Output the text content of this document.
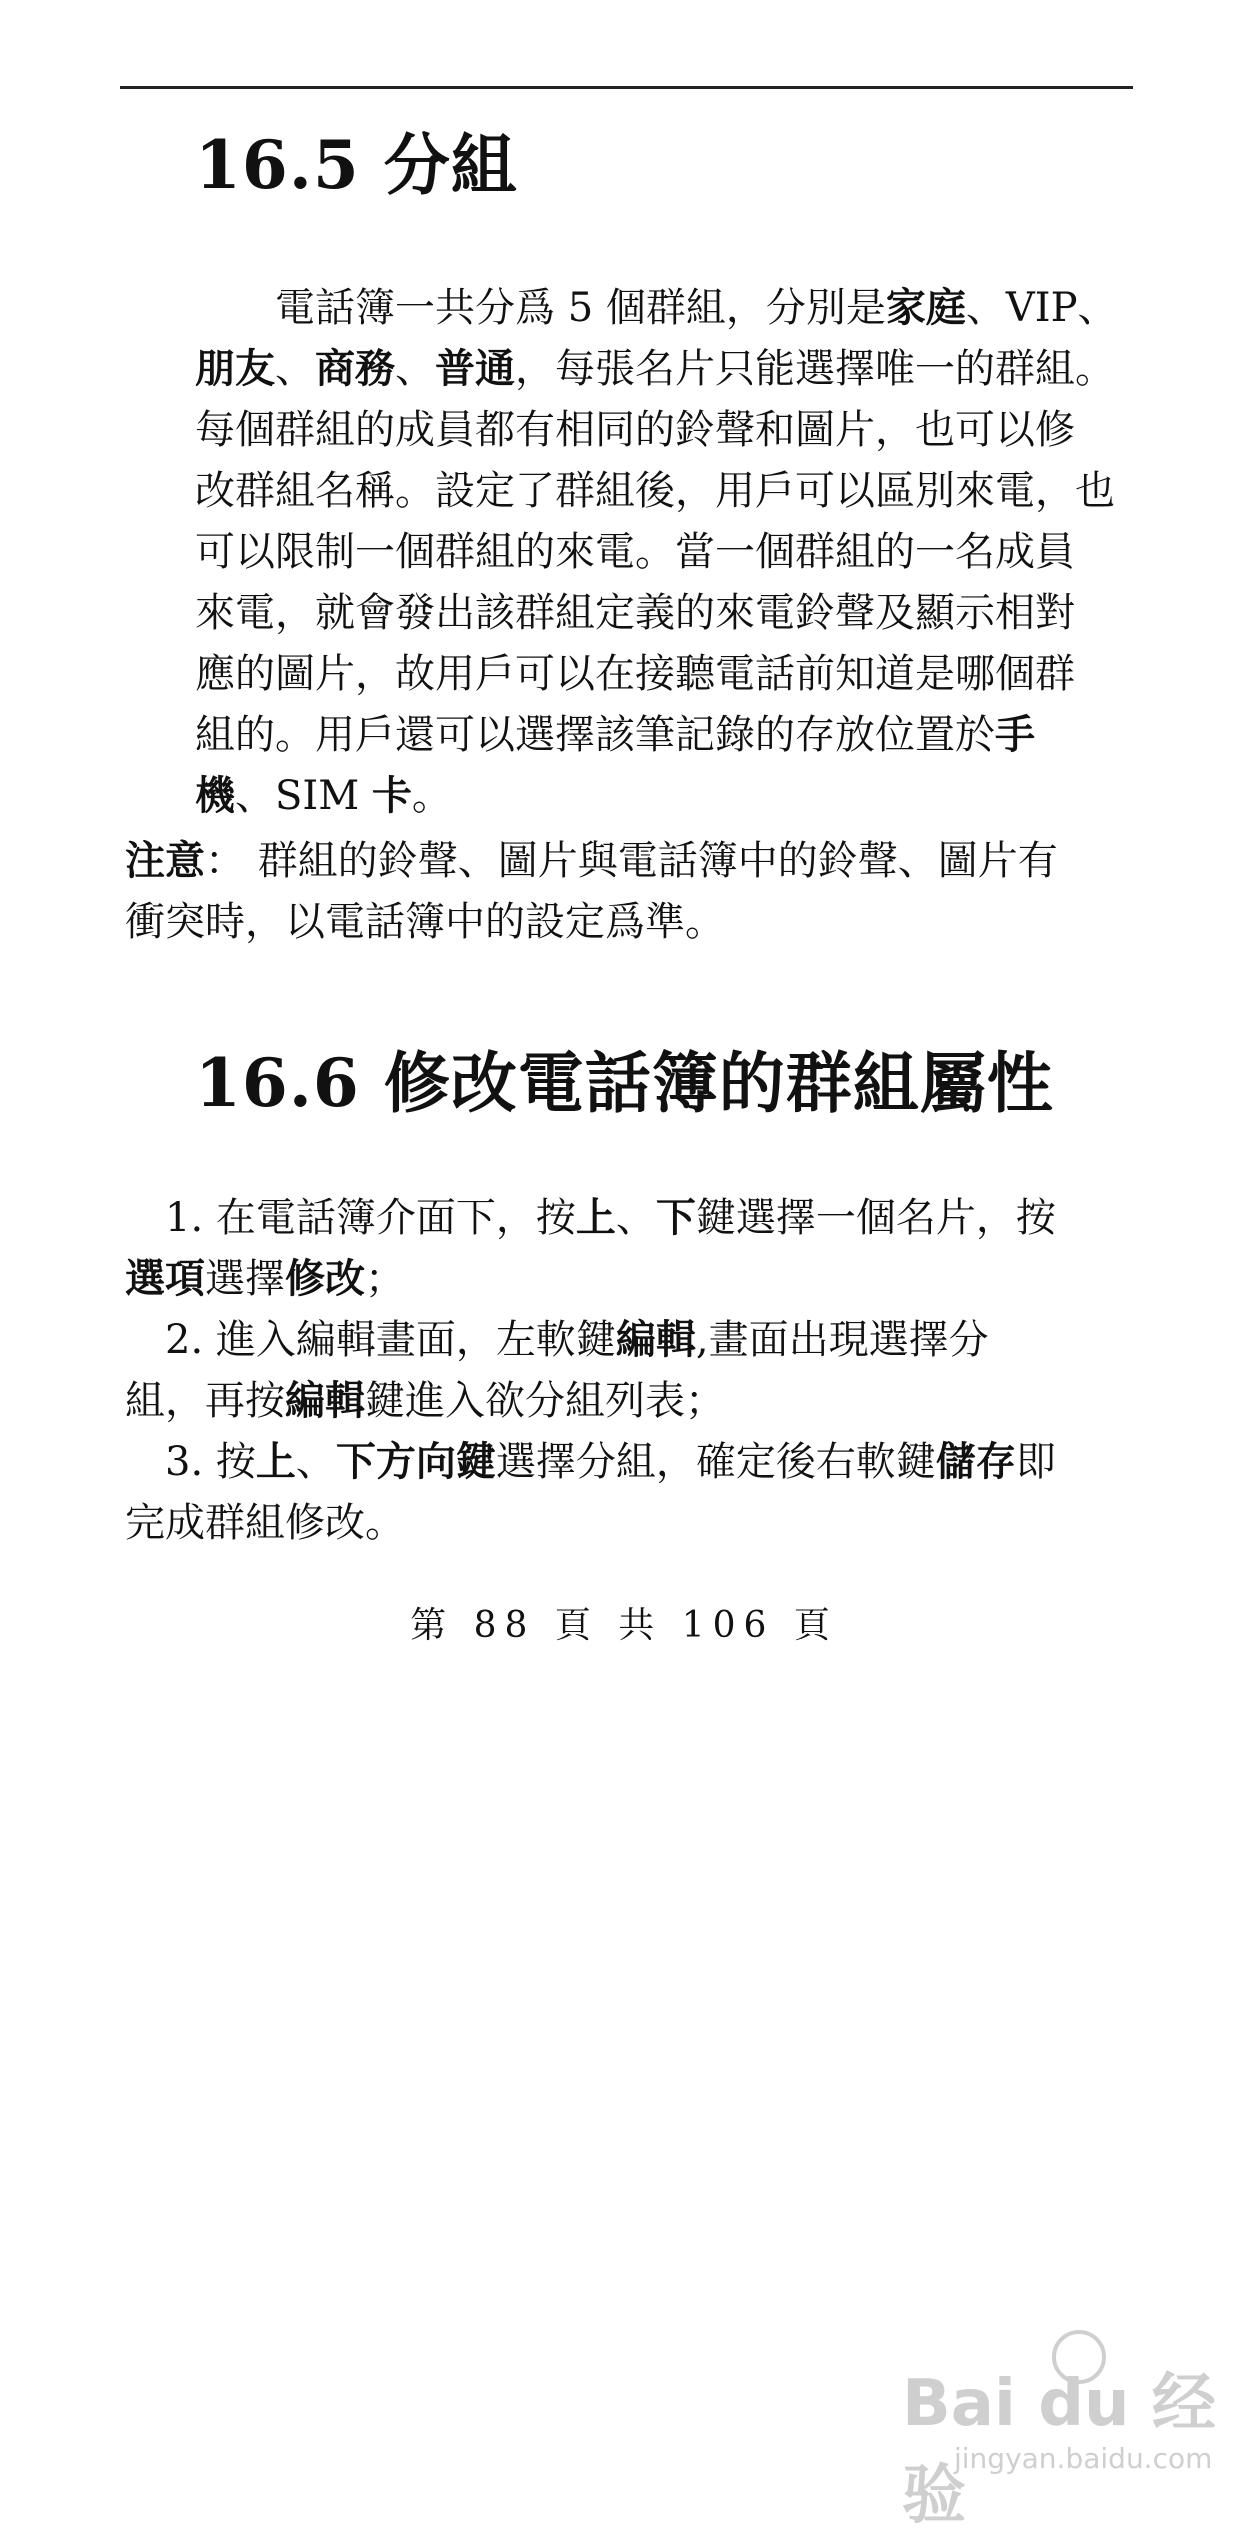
16.5 分組
　　電話簿一共分爲 5 個群組，分別是家庭、VIP、
朋友、商務、普通，每張名片只能選擇唯一的群組。
每個群組的成員都有相同的鈴聲和圖片，也可以修
改群組名稱。設定了群組後，用戶可以區別來電，也
可以限制一個群組的來電。當一個群組的一名成員
來電，就會發出該群組定義的來電鈴聲及顯示相對
應的圖片，故用戶可以在接聽電話前知道是哪個群
組的。用戶還可以選擇該筆記錄的存放位置於手
機、SIM 卡。
注意： 群組的鈴聲、圖片與電話簿中的鈴聲、圖片有
衝突時，以電話簿中的設定爲準。
16.6 修改電話簿的群組屬性
　1. 在電話簿介面下，按上、下鍵選擇一個名片，按
選項選擇修改；
　2. 進入編輯畫面，左軟鍵編輯,畫面出現選擇分
組，再按編輯鍵進入欲分組列表；
　3. 按上、下方向鍵選擇分組，確定後右軟鍵儲存即
完成群組修改。
第 88 頁 共 106 頁
Bai du 经验
jingyan.baidu.com
